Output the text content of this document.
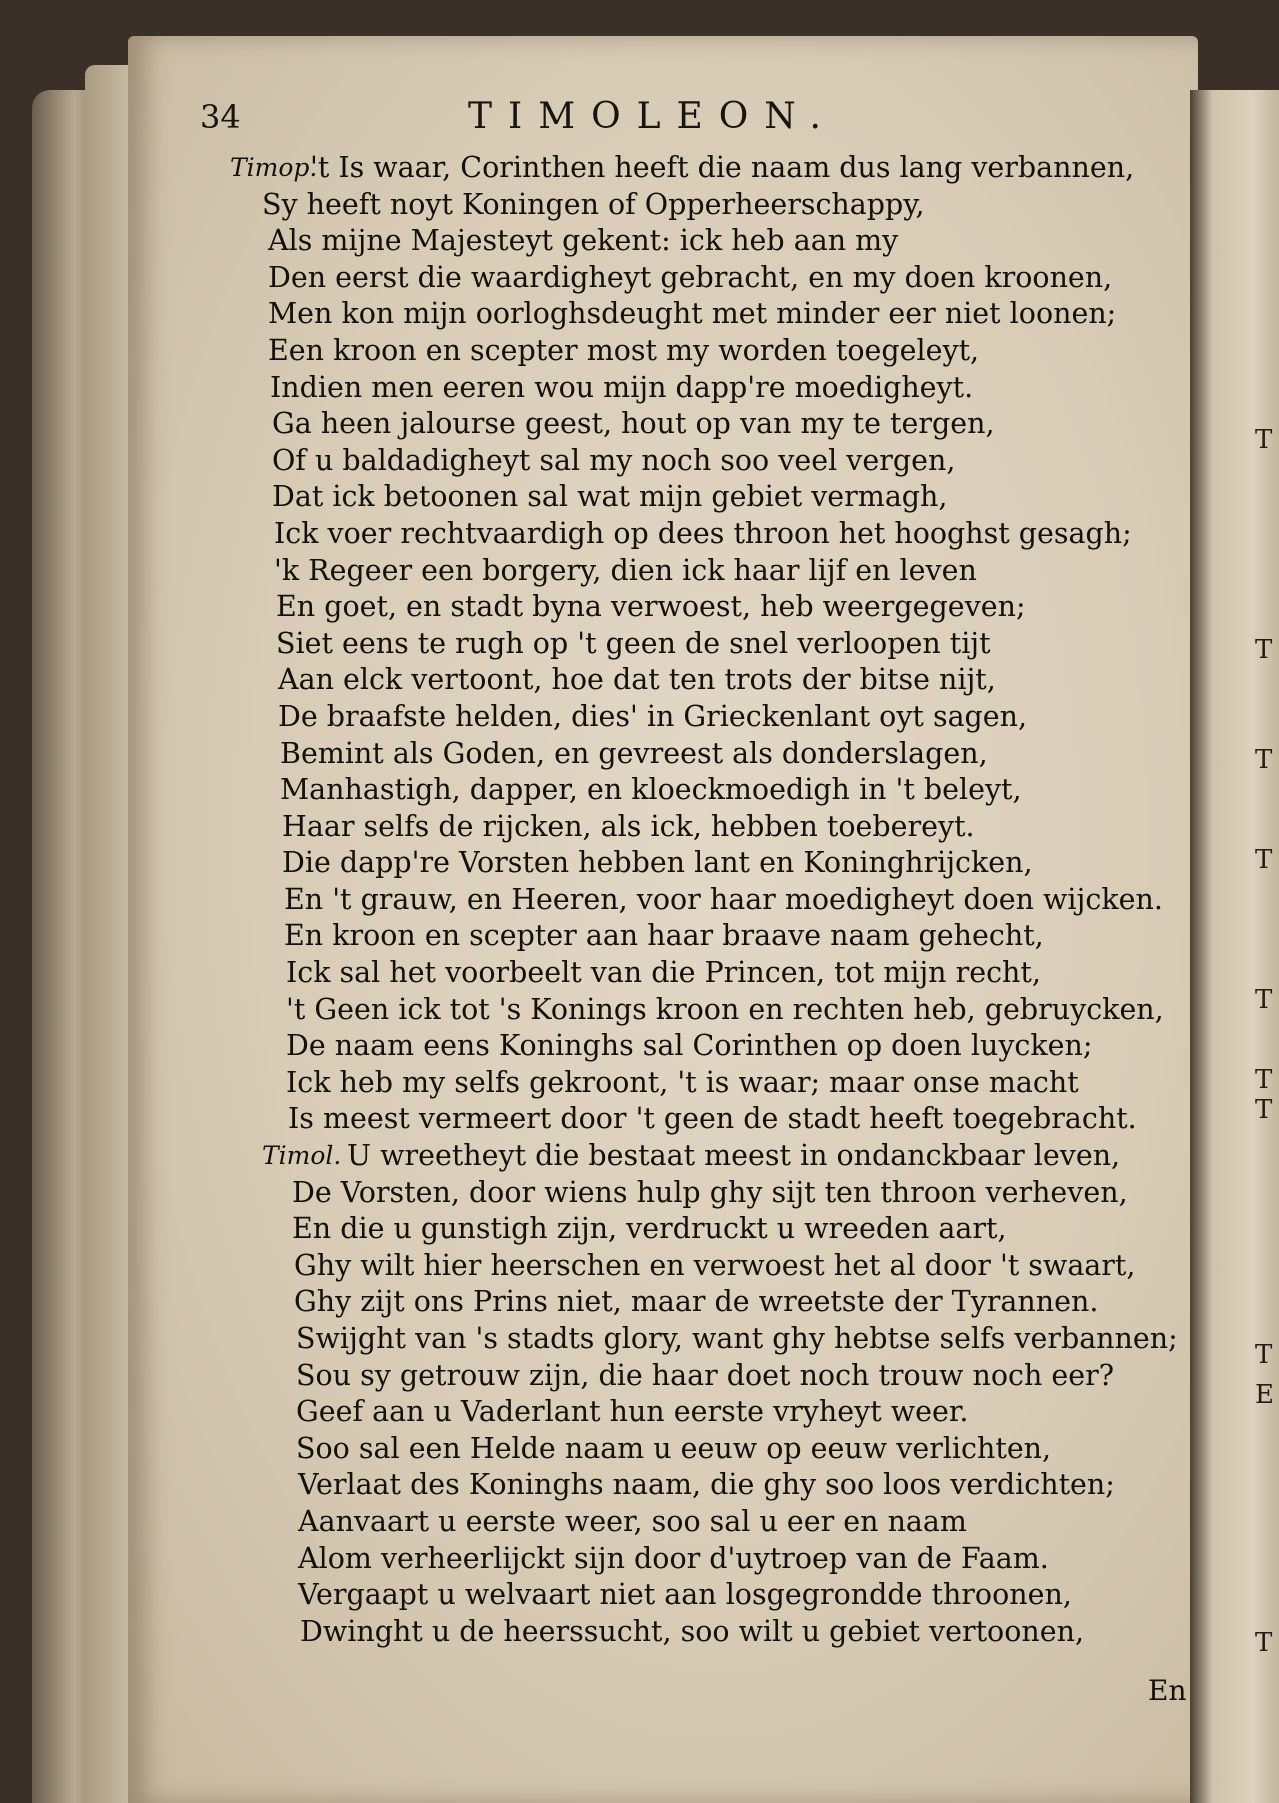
34	TIMOLEON.
Timop.
't Is waar, Corinthen heeft die naam dus lang verbannen,
Sy heeft noyt Koningen of Opperheerschappy,
Als mijne Majesteyt gekent: ick heb aan my
Den eerst die waardigheyt gebracht, en my doen kroonen,
Men kon mijn oorloghsdeught met minder eer niet loonen;
Een kroon en scepter most my worden toegeleyt,
Indien men eeren wou mijn dapp're moedigheyt.
Ga heen jalourse geest, hout op van my te tergen,
Of u baldadigheyt sal my noch soo veel vergen,
Dat ick betoonen sal wat mijn gebiet vermagh,
Ick voer rechtvaardigh op dees throon het hooghst gesagh;
'k Regeer een borgery, dien ick haar lijf en leven
En goet, en stadt byna verwoest, heb weergegeven;
Siet eens te rugh op 't geen de snel verloopen tijt
Aan elck vertoont, hoe dat ten trots der bitse nijt,
De braafste helden, dies' in Grieckenlant oyt sagen,
Bemint als Goden, en gevreest als donderslagen,
Manhastigh, dapper, en kloeckmoedigh in 't beleyt,
Haar selfs de rijcken, als ick, hebben toebereyt.
Die dapp're Vorsten hebben lant en Koninghrijcken,
En 't grauw, en Heeren, voor haar moedigheyt doen wijcken.
En kroon en scepter aan haar braave naam gehecht,
Ick sal het voorbeelt van die Princen, tot mijn recht,
't Geen ick tot 's Konings kroon en rechten heb, gebruycken,
De naam eens Koninghs sal Corinthen op doen luycken;
Ick heb my selfs gekroont, 't is waar; maar onse macht
Is meest vermeert door 't geen de stadt heeft toegebracht.
Timol. U wreetheyt die bestaat meest in ondanckbaar leven,
De Vorsten, door wiens hulp ghy sijt ten throon verheven,
En die u gunstigh zijn, verdruckt u wreeden aart,
Ghy wilt hier heerschen en verwoest het al door 't swaart,
Ghy zijt ons Prins niet, maar de wreetste der Tyrannen.
Swijght van 's stadts glory, want ghy hebtse selfs verbannen;
Sou sy getrouw zijn, die haar doet noch trouw noch eer?
Geef aan u Vaderlant hun eerste vryheyt weer.
Soo sal een Helde naam u eeuw op eeuw verlichten,
Verlaat des Koninghs naam, die ghy soo loos verdichten;
Aanvaart u eerste weer, soo sal u eer en naam
Alom verheerlijckt sijn door d'uytroep van de Faam.
Vergaapt u welvaart niet aan losgegrondde throonen,
Dwinght u de heerssucht, soo wilt u gebiet vertoonen,
En
T
T
T
T
T
T
T
T
E
T
